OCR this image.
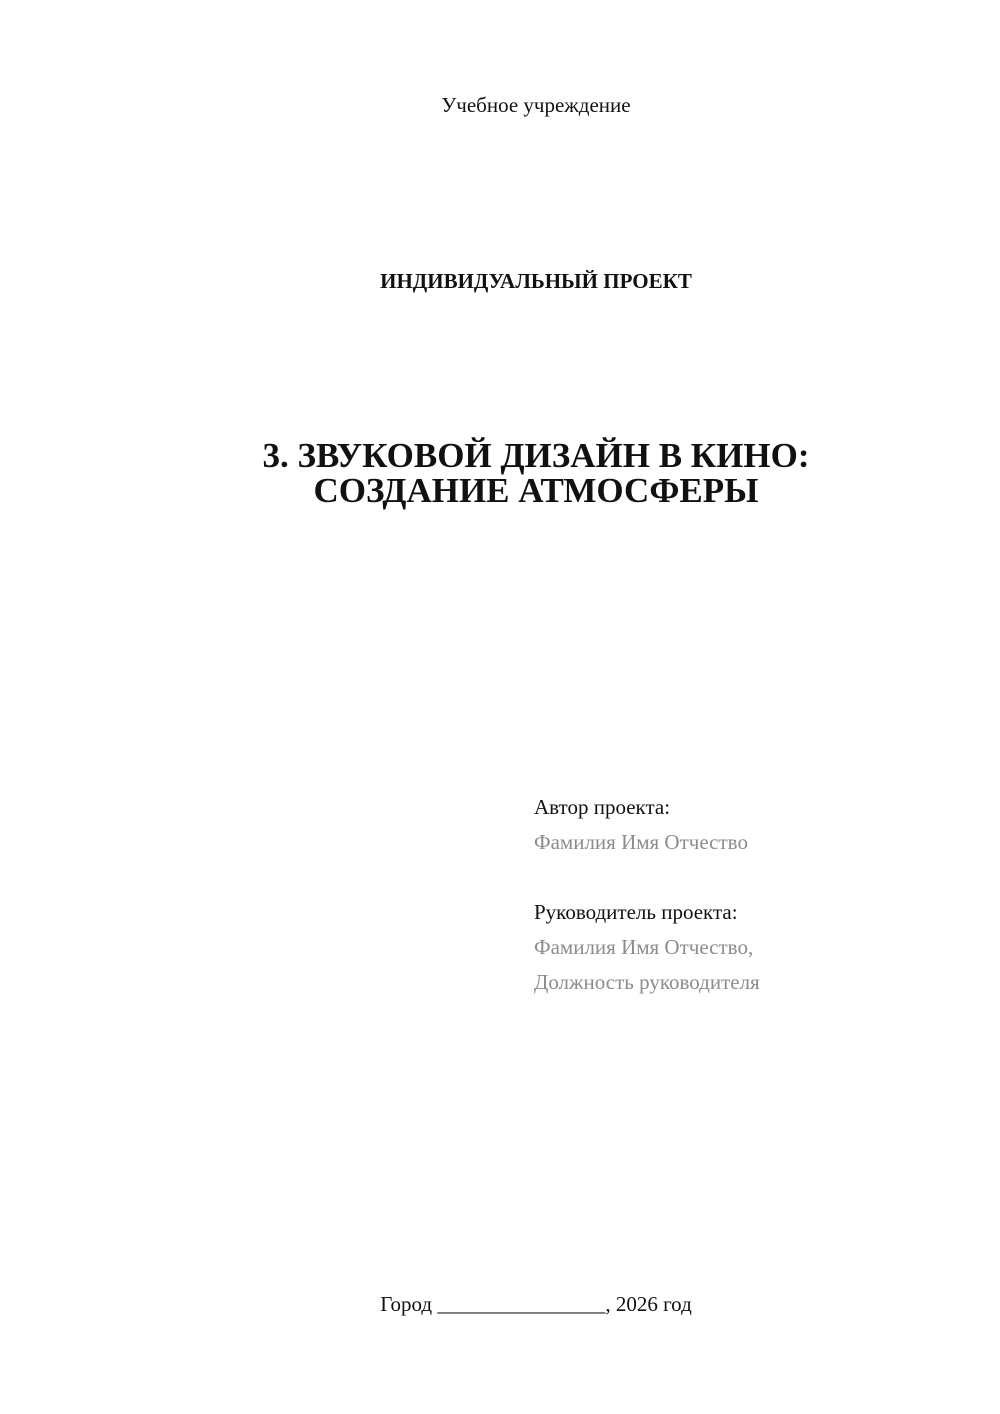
Учебное учреждение
ИНДИВИДУАЛЬНЫЙ ПРОЕКТ
3. ЗВУКОВОЙ ДИЗАЙН В КИНО:
СОЗДАНИЕ АТМОСФЕРЫ
Автор проекта:
Фамилия Имя Отчество
Руководитель проекта:
Фамилия Имя Отчество,
Должность руководителя
Город ________________, 2026 год
